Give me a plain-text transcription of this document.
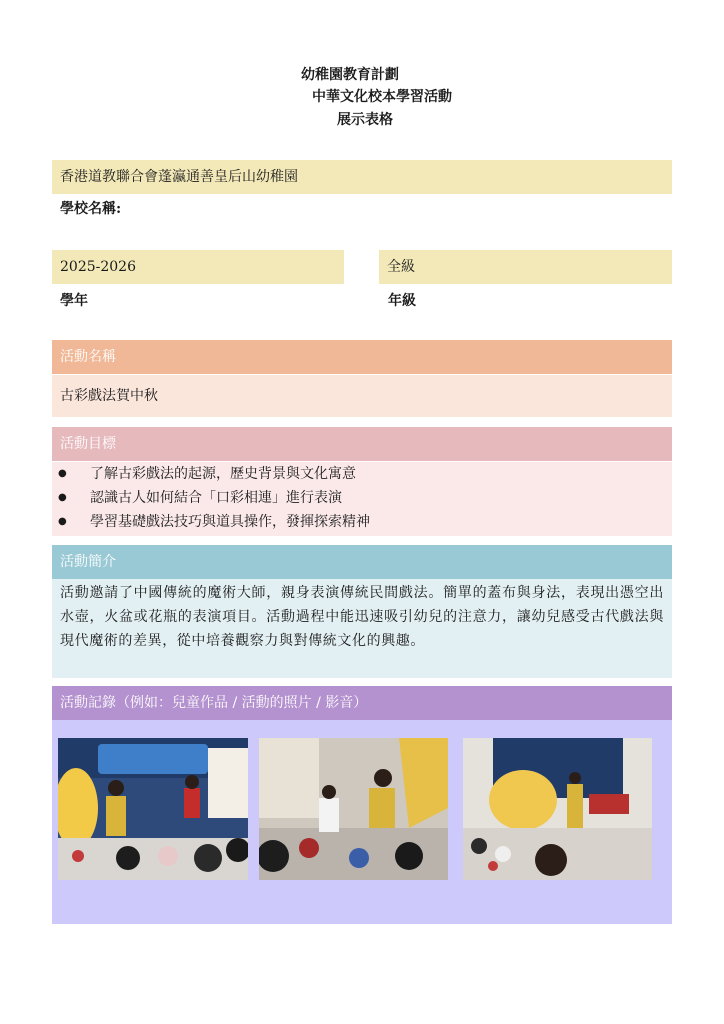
幼稚園教育計劃
中華文化校本學習活動
展示表格
香港道教聯合會蓬瀛通善皇后山幼稚園
學校名稱:
2025-2026
學年
全級
年級
活動名稱
古彩戲法賀中秋
活動目標
● 了解古彩戲法的起源，歷史背景與文化寓意
● 認識古人如何結合「口彩相連」進行表演
● 學習基礎戲法技巧與道具操作，發揮探索精神
活動簡介
活動邀請了中國傳統的魔術大師，親身表演傳統民間戲法。簡單的蓋布與身法，表現出憑空出水壺，火盆或花瓶的表演項目。活動過程中能迅速吸引幼兒的注意力，讓幼兒感受古代戲法與現代魔術的差異，從中培養觀察力與對傳統文化的興趣。
活動記錄（例如：兒童作品 / 活動的照片 / 影音）
